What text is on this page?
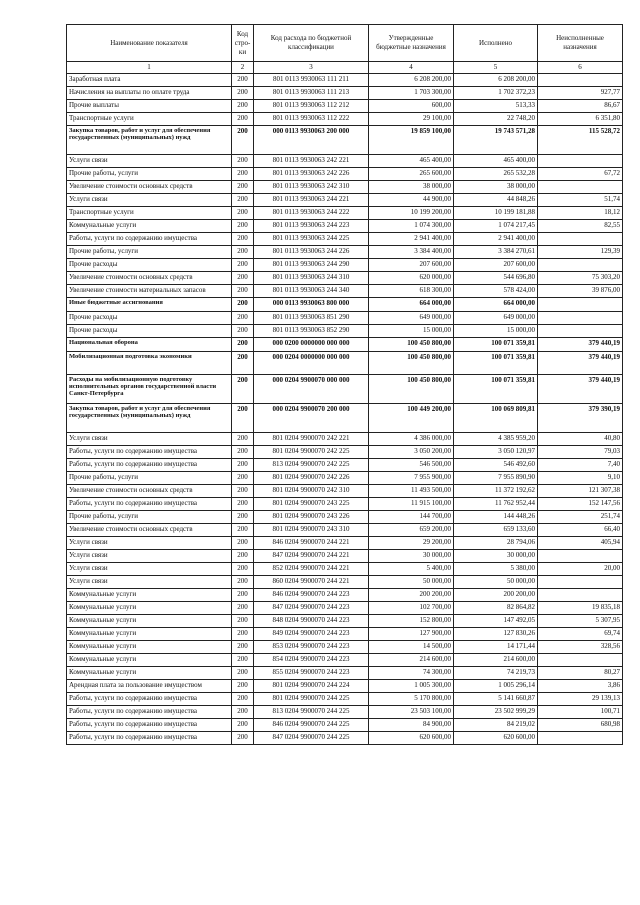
Наименование показателя	Код стро-ки	Код расхода по бюджетной классификации	Утвержденные бюджетные назначения	Исполнено	Неисполненные назначения
1	2	3	4	5	6
Заработная плата	200	801 0113 9930063 111 211	6 208 200,00	6 208 200,00	
Начисления на выплаты по оплате труда	200	801 0113 9930063 111 213	1 703 300,00	1 702 372,23	927,77
Прочие выплаты	200	801 0113 9930063 112 212	600,00	513,33	86,67
Транспортные услуги	200	801 0113 9930063 112 222	29 100,00	22 748,20	6 351,80
Закупка товаров, работ и услуг для обеспечения государственных (муниципальных) нужд	200	000 0113 9930063 200 000	19 859 100,00	19 743 571,28	115 528,72
Услуги связи	200	801 0113 9930063 242 221	465 400,00	465 400,00	
Прочие работы, услуги	200	801 0113 9930063 242 226	265 600,00	265 532,28	67,72
Увеличение стоимости основных средств	200	801 0113 9930063 242 310	38 000,00	38 000,00	
Услуги связи	200	801 0113 9930063 244 221	44 900,00	44 848,26	51,74
Транспортные услуги	200	801 0113 9930063 244 222	10 199 200,00	10 199 181,88	18,12
Коммунальные услуги	200	801 0113 9930063 244 223	1 074 300,00	1 074 217,45	82,55
Работы, услуги по содержанию имущества	200	801 0113 9930063 244 225	2 941 400,00	2 941 400,00	
Прочие работы, услуги	200	801 0113 9930063 244 226	3 384 400,00	3 384 270,61	129,39
Прочие расходы	200	801 0113 9930063 244 290	207 600,00	207 600,00	
Увеличение стоимости основных средств	200	801 0113 9930063 244 310	620 000,00	544 696,80	75 303,20
Увеличение стоимости материальных запасов	200	801 0113 9930063 244 340	618 300,00	578 424,00	39 876,00
Иные бюджетные ассигнования	200	000 0113 9930063 800 000	664 000,00	664 000,00	
Прочие расходы	200	801 0113 9930063 851 290	649 000,00	649 000,00	
Прочие расходы	200	801 0113 9930063 852 290	15 000,00	15 000,00	
Национальная оборона	200	000 0200 0000000 000 000	100 450 800,00	100 071 359,81	379 440,19
Мобилизационная подготовка экономики	200	000 0204 0000000 000 000	100 450 800,00	100 071 359,81	379 440,19
Расходы на мобилизационную подготовку исполнительных органов государственной власти Санкт-Петербурга	200	000 0204 9900070 000 000	100 450 800,00	100 071 359,81	379 440,19
Закупка товаров, работ и услуг для обеспечения государственных (муниципальных) нужд	200	000 0204 9900070 200 000	100 449 200,00	100 069 809,81	379 390,19
Услуги связи	200	801 0204 9900070 242 221	4 386 000,00	4 385 959,20	40,80
Работы, услуги по содержанию имущества	200	801 0204 9900070 242 225	3 050 200,00	3 050 120,97	79,03
Работы, услуги по содержанию имущества	200	813 0204 9900070 242 225	546 500,00	546 492,60	7,40
Прочие работы, услуги	200	801 0204 9900070 242 226	7 955 900,00	7 955 890,90	9,10
Увеличение стоимости основных средств	200	801 0204 9900070 242 310	11 493 500,00	11 372 192,62	121 307,38
Работы, услуги по содержанию имущества	200	801 0204 9900070 243 225	11 915 100,00	11 762 952,44	152 147,56
Прочие работы, услуги	200	801 0204 9900070 243 226	144 700,00	144 448,26	251,74
Увеличение стоимости основных средств	200	801 0204 9900070 243 310	659 200,00	659 133,60	66,40
Услуги связи	200	846 0204 9900070 244 221	29 200,00	28 794,06	405,94
Услуги связи	200	847 0204 9900070 244 221	30 000,00	30 000,00	
Услуги связи	200	852 0204 9900070 244 221	5 400,00	5 380,00	20,00
Услуги связи	200	860 0204 9900070 244 221	50 000,00	50 000,00	
Коммунальные услуги	200	846 0204 9900070 244 223	200 200,00	200 200,00	
Коммунальные услуги	200	847 0204 9900070 244 223	102 700,00	82 864,82	19 835,18
Коммунальные услуги	200	848 0204 9900070 244 223	152 800,00	147 492,05	5 307,95
Коммунальные услуги	200	849 0204 9900070 244 223	127 900,00	127 830,26	69,74
Коммунальные услуги	200	853 0204 9900070 244 223	14 500,00	14 171,44	328,56
Коммунальные услуги	200	854 0204 9900070 244 223	214 600,00	214 600,00	
Коммунальные услуги	200	855 0204 9900070 244 223	74 300,00	74 219,73	80,27
Арендная плата за пользование имуществом	200	801 0204 9900070 244 224	1 005 300,00	1 005 296,14	3,86
Работы, услуги по содержанию имущества	200	801 0204 9900070 244 225	5 170 800,00	5 141 660,87	29 139,13
Работы, услуги по содержанию имущества	200	813 0204 9900070 244 225	23 503 100,00	23 502 999,29	100,71
Работы, услуги по содержанию имущества	200	846 0204 9900070 244 225	84 900,00	84 219,02	680,98
Работы, услуги по содержанию имущества	200	847 0204 9900070 244 225	620 600,00	620 600,00	
